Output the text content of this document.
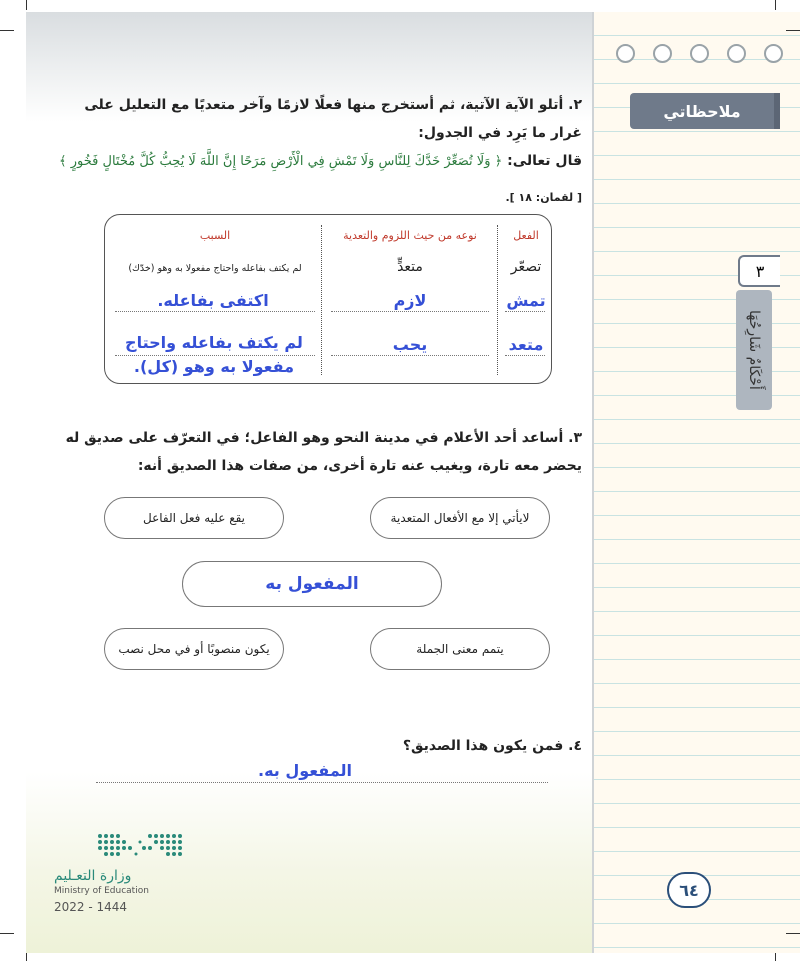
ملاحظاتي
٣
أَحْكَامٌ شَارِحُهَا
٦٤
٢. أتلو الآية الآتية، ثم أستخرج منها فعلًا لازمًا وآخر متعديًا مع التعليل على
غرار ما يَرِد في الجدول:
قال تعالى: ﴿ وَلَا تُصَعِّرْ خَدَّكَ لِلنَّاسِ وَلَا تَمْشِ فِي الْأَرْضِ مَرَحًا إِنَّ اللَّهَ لَا يُحِبُّ كُلَّ مُخْتَالٍ فَخُورٍ ﴾
[ لقمان: ١٨ ].
الفعل
نوعه من حيث اللزوم والتعدية
السبب
تصعّر
متعدٍّ
لم يكتف بفاعله واحتاج مفعولا به وهو (خدّك)
تمش
لازم
اكتفى بفاعله.
متعد
يحب
لم يكتف بفاعله واحتاج
مفعولا به وهو (كل).
٣. أساعد أحد الأعلام في مدينة النحو وهو الفاعل؛ في التعرّف على صديق له
يحضر معه تارة، ويغيب عنه تارة أخرى، من صفات هذا الصديق أنه:
لايأتي إلا مع الأفعال المتعدية
يقع عليه فعل الفاعل
المفعول به
يتمم معنى الجملة
يكون منصوبًا أو في محل نصب
٤. فمن يكون هذا الصديق؟
المفعول به.
وزارة التعـليم
Ministry of Education
2022 - 1444
